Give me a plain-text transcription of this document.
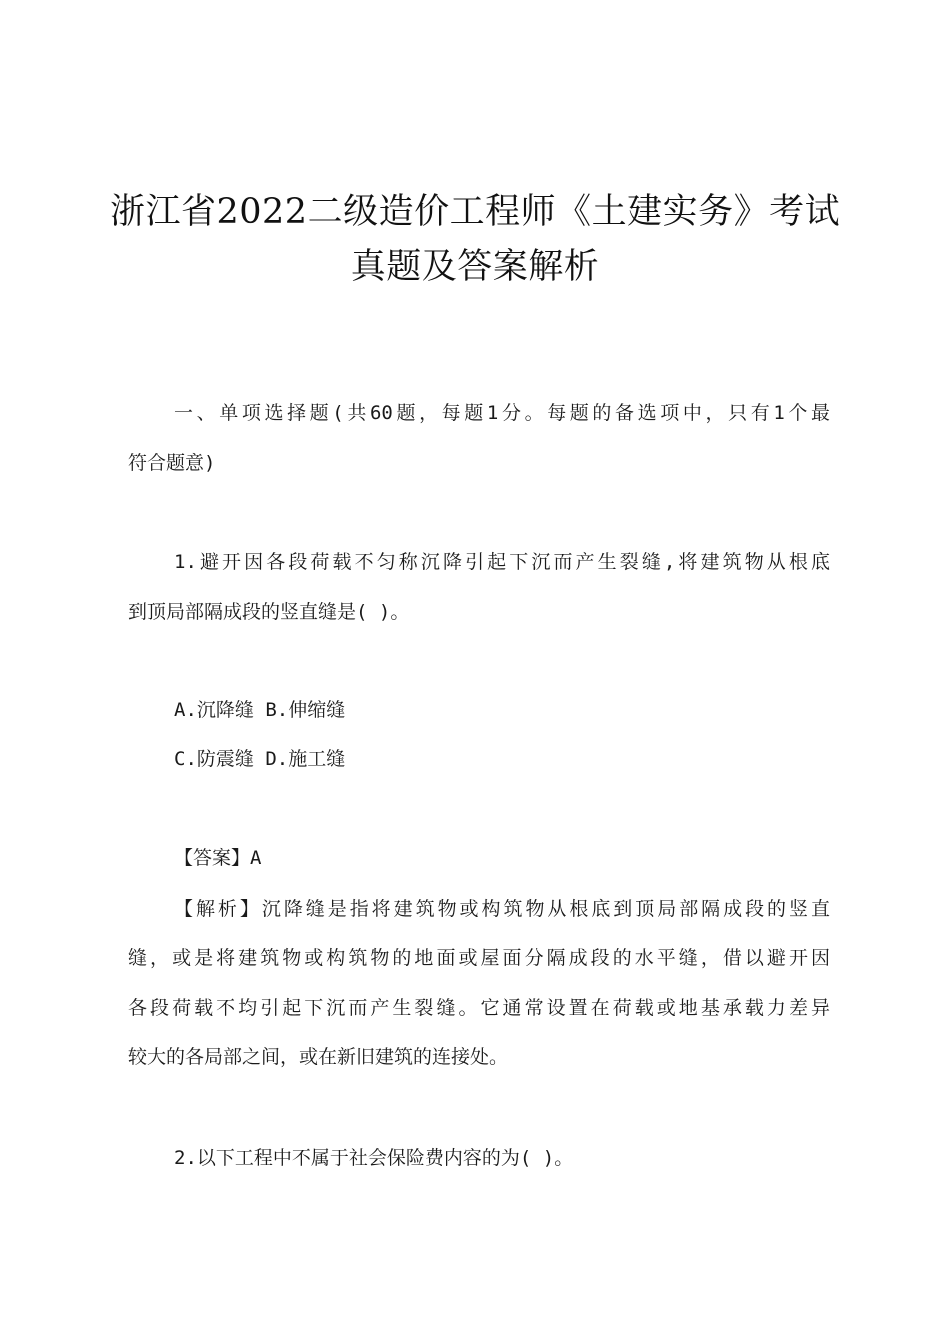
浙江省2022二级造价工程师《土建实务》考试
真题及答案解析
一、单项选择题(共60题，每题1分。每题的备选项中，只有1个最
符合题意)
1.避开因各段荷载不匀称沉降引起下沉而产生裂缝,将建筑物从根底
到顶局部隔成段的竖直缝是( )。
A.沉降缝 B.伸缩缝
C.防震缝 D.施工缝
【答案】A
【解析】沉降缝是指将建筑物或构筑物从根底到顶局部隔成段的竖直
缝，或是将建筑物或构筑物的地面或屋面分隔成段的水平缝，借以避开因
各段荷载不均引起下沉而产生裂缝。它通常设置在荷载或地基承载力差异
较大的各局部之间，或在新旧建筑的连接处。
2.以下工程中不属于社会保险费内容的为( )。
